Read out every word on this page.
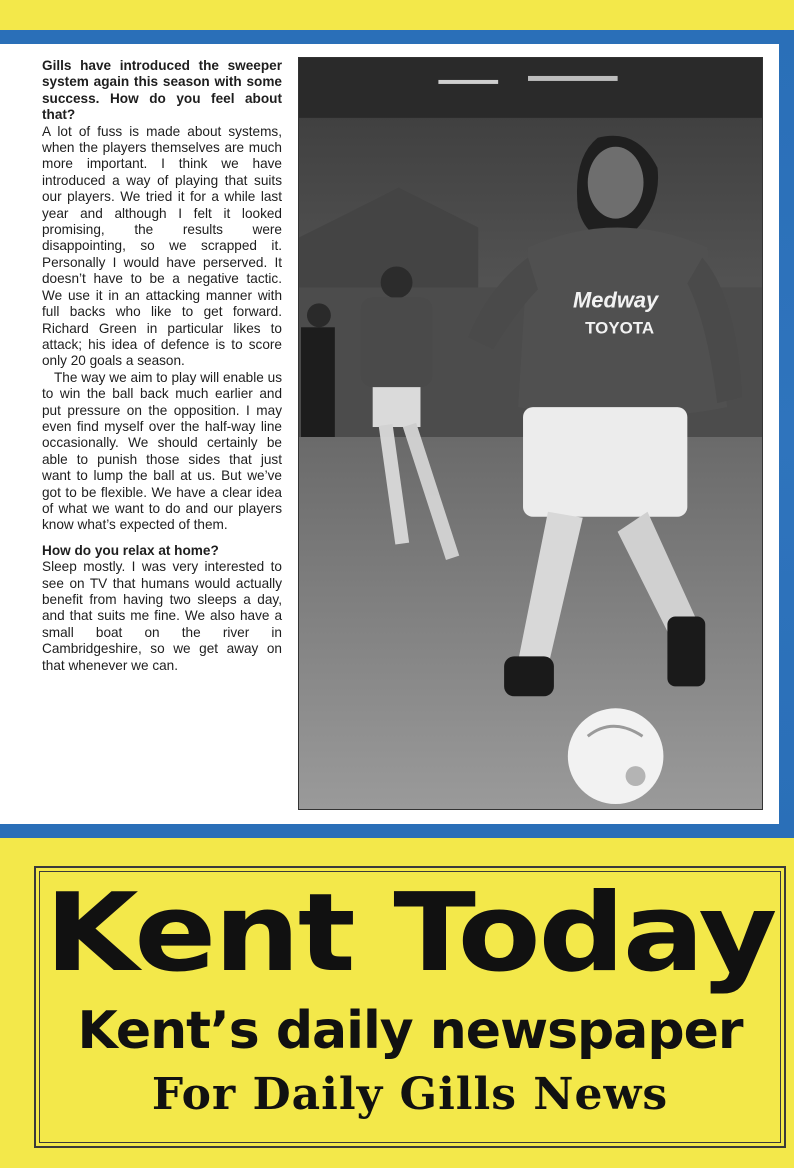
Gills have introduced the sweeper system again this season with some success. How do you feel about that?

A lot of fuss is made about systems, when the players themselves are much more important. I think we have introduced a way of playing that suits our players. We tried it for a while last year and although I felt it looked promising, the results were disappointing, so we scrapped it. Personally I would have perserved. It doesn’t have to be a negative tactic. We use it in an attacking manner with full backs who like to get forward. Richard Green in particular likes to attack; his idea of defence is to score only 20 goals a season.

The way we aim to play will enable us to win the ball back much earlier and put pressure on the opposition. I may even find myself over the half-way line occasionally. We should certainly be able to punish those sides that just want to lump the ball at us. But we’ve got to be flexible. We have a clear idea of what we want to do and our players know what’s expected of them.

How do you relax at home?

Sleep mostly. I was very interested to see on TV that humans would actually benefit from having two sleeps a day, and that suits me fine. We also have a small boat on the river in Cambridgeshire, so we get away on that whenever we can.

Medway
TOYOTA
Kent Today
Kent’s daily newspaper
For Daily Gills News
